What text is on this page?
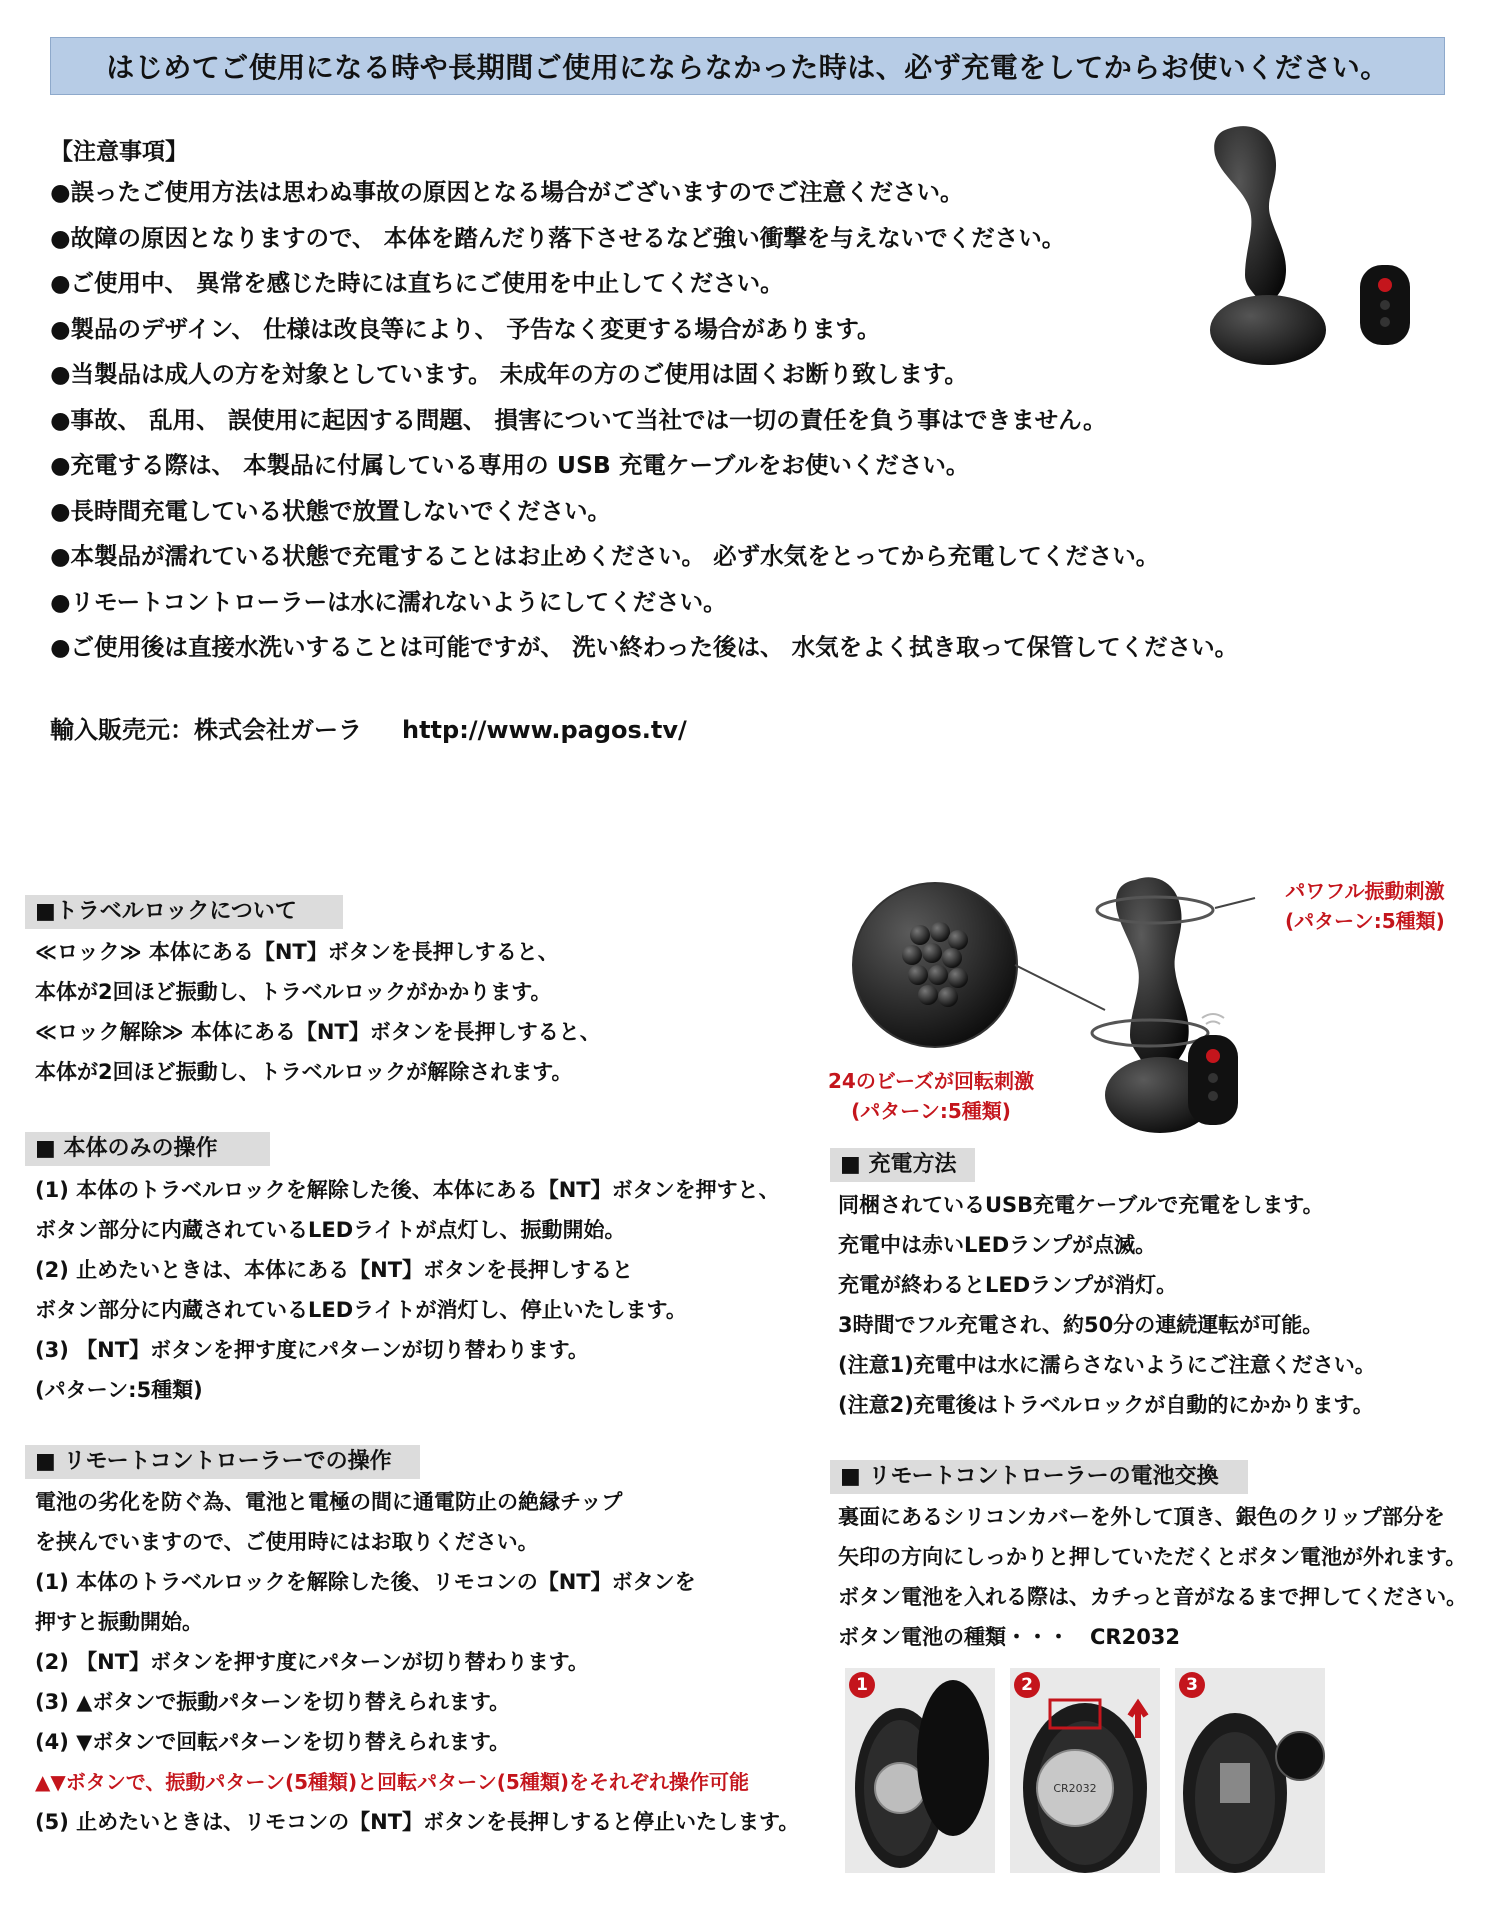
はじめてご使用になる時や長期間ご使用にならなかった時は、必ず充電をしてからお使いください。
【注意事項】
●誤ったご使用方法は思わぬ事故の原因となる場合がございますのでご注意ください。
●故障の原因となりますので、 本体を踏んだり落下させるなど強い衝撃を与えないでください。
●ご使用中、 異常を感じた時には直ちにご使用を中止してください。
●製品のデザイン、 仕様は改良等により、 予告なく変更する場合があります。
●当製品は成人の方を対象としています。 未成年の方のご使用は固くお断り致します。
●事故、 乱用、 誤使用に起因する問題、 損害について当社では一切の責任を負う事はできません。
●充電する際は、 本製品に付属している専用の USB 充電ケーブルをお使いください。
●長時間充電している状態で放置しないでください。
●本製品が濡れている状態で充電することはお止めください。 必ず水気をとってから充電してください。
●リモートコントローラーは水に濡れないようにしてください。
●ご使用後は直接水洗いすることは可能ですが、 洗い終わった後は、 水気をよく拭き取って保管してください。
輸入販売元：株式会社ガーラ http://www.pagos.tv/
■トラベルロックについて
≪ロック≫ 本体にある【NT】ボタンを長押しすると、
本体が2回ほど振動し、トラベルロックがかかります。
≪ロック解除≫ 本体にある【NT】ボタンを長押しすると、
本体が2回ほど振動し、トラベルロックが解除されます。
■ 本体のみの操作
(1) 本体のトラベルロックを解除した後、本体にある【NT】ボタンを押すと、
ボタン部分に内蔵されているLEDライトが点灯し、振動開始。
(2) 止めたいときは、本体にある【NT】ボタンを長押しすると
ボタン部分に内蔵されているLEDライトが消灯し、停止いたします。
(3) 【NT】ボタンを押す度にパターンが切り替わります。
(パターン:5種類)
■ リモートコントローラーでの操作
電池の劣化を防ぐ為、電池と電極の間に通電防止の絶縁チップ
を挟んでいますので、ご使用時にはお取りください。
(1) 本体のトラベルロックを解除した後、リモコンの【NT】ボタンを
押すと振動開始。
(2) 【NT】ボタンを押す度にパターンが切り替わります。
(3) ▲ボタンで振動パターンを切り替えられます。
(4) ▼ボタンで回転パターンを切り替えられます。
▲▼ボタンで、振動パターン(5種類)と回転パターン(5種類)をそれぞれ操作可能
(5) 止めたいときは、リモコンの【NT】ボタンを長押しすると停止いたします。
パワフル振動刺激
(パターン:5種類)
24のビーズが回転刺激
(パターン:5種類)
■ 充電方法
同梱されているUSB充電ケーブルで充電をします。
充電中は赤いLEDランプが点滅。
充電が終わるとLEDランプが消灯。
3時間でフル充電され、約50分の連続運転が可能。
(注意1)充電中は水に濡らさないようにご注意ください。
(注意2)充電後はトラベルロックが自動的にかかります。
■ リモートコントローラーの電池交換
裏面にあるシリコンカバーを外して頂き、銀色のクリップ部分を
矢印の方向にしっかりと押していただくとボタン電池が外れます。
ボタン電池を入れる際は、カチっと音がなるまで押してください。
ボタン電池の種類・・・　CR2032
1
CR2032
2	3
